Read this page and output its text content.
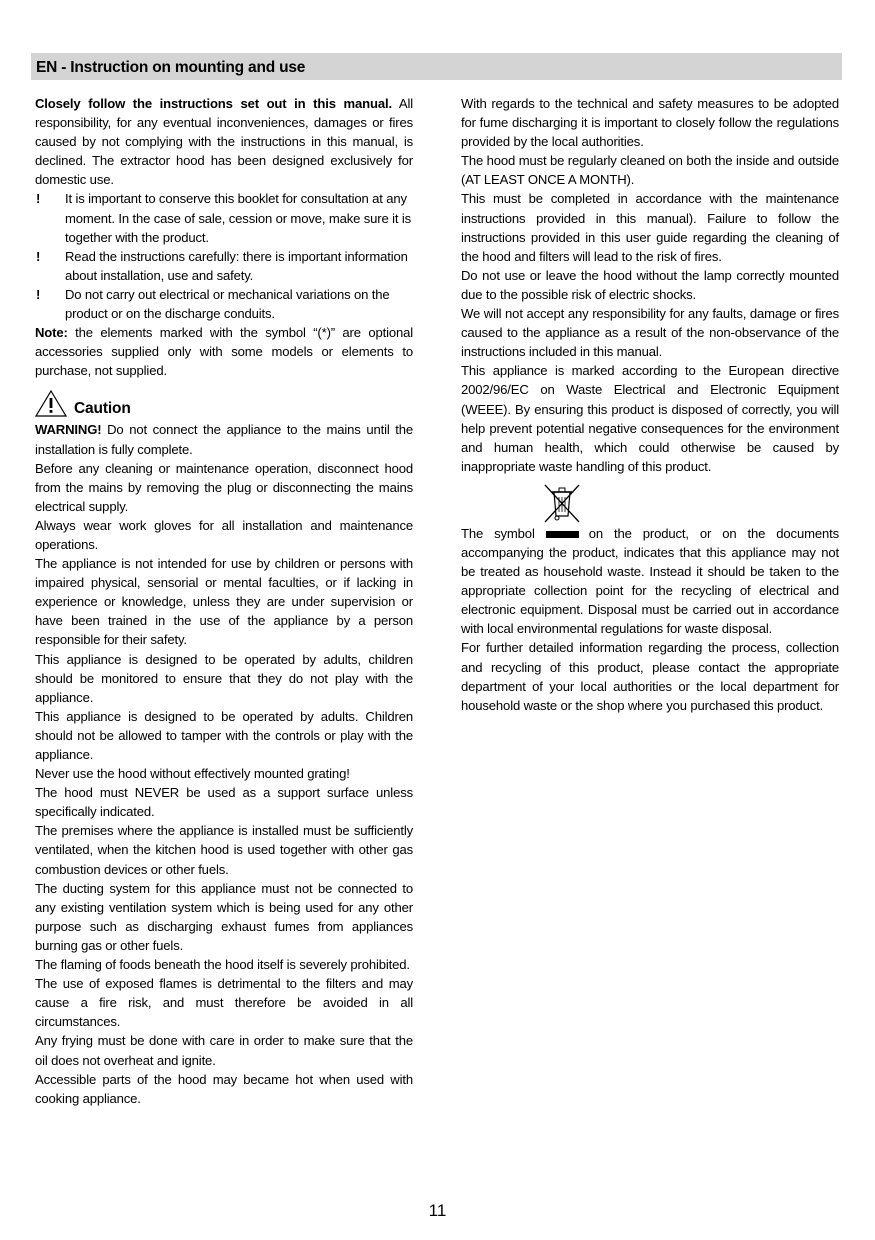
EN - Instruction on mounting and use

Closely follow the instructions set out in this manual. All responsibility, for any eventual inconveniences, damages or fires caused by not complying with the instructions in this manual, is declined. The extractor hood has been designed exclusively for domestic use.

! It is important to conserve this booklet for consultation at any moment. In the case of sale, cession or move, make sure it is together with the product.
! Read the instructions carefully: there is important information about installation, use and safety.
! Do not carry out electrical or mechanical variations on the product or on the discharge conduits.

Note: the elements marked with the symbol “(*)” are optional accessories supplied only with some models or elements to purchase, not supplied.

Caution

WARNING! Do not connect the appliance to the mains until the installation is fully complete.

Before any cleaning or maintenance operation, disconnect hood from the mains by removing the plug or disconnecting the mains electrical supply.

Always wear work gloves for all installation and maintenance operations.

The appliance is not intended for use by children or persons with impaired physical, sensorial or mental faculties, or if lacking in experience or knowledge, unless they are under supervision or have been trained in the use of the appliance by a person responsible for their safety.

This appliance is designed to be operated by adults, children should be monitored to ensure that they do not play with the appliance.

This appliance is designed to be operated by adults. Children should not be allowed to tamper with the controls or play with the appliance.

Never use the hood without effectively mounted grating!

The hood must NEVER be used as a support surface unless specifically indicated.

The premises where the appliance is installed must be sufficiently ventilated, when the kitchen hood is used together with other gas combustion devices or other fuels.

The ducting system for this appliance must not be connected to any existing ventilation system which is being used for any other purpose such as discharging exhaust fumes from appliances burning gas or other fuels.

The flaming of foods beneath the hood itself is severely prohibited.

The use of exposed flames is detrimental to the filters and may cause a fire risk, and must therefore be avoided in all circumstances.

Any frying must be done with care in order to make sure that the oil does not overheat and ignite.

Accessible parts of the hood may became hot when used with cooking appliance.

With regards to the technical and safety measures to be adopted for fume discharging it is important to closely follow the regulations provided by the local authorities.

The hood must be regularly cleaned on both the inside and outside (AT LEAST ONCE A MONTH).

This must be completed in accordance with the maintenance instructions provided in this manual). Failure to follow the instructions provided in this user guide regarding the cleaning of the hood and filters will lead to the risk of fires.

Do not use or leave the hood without the lamp correctly mounted due to the possible risk of electric shocks.

We will not accept any responsibility for any faults, damage or fires caused to the appliance as a result of the non-observance of the instructions included in this manual.

This appliance is marked according to the European directive 2002/96/EC on Waste Electrical and Electronic Equipment (WEEE). By ensuring this product is disposed of correctly, you will help prevent potential negative consequences for the environment and human health, which could otherwise be caused by inappropriate waste handling of this product.

The symbol	on the product, or on the documents accompanying the product, indicates that this appliance may not be treated as household waste. Instead it should be taken to the appropriate collection point for the recycling of electrical and electronic equipment. Disposal must be carried out in accordance with local environmental regulations for waste disposal.

For further detailed information regarding the process, collection and recycling of this product, please contact the appropriate department of your local authorities or the local department for household waste or the shop where you purchased this product.

11
